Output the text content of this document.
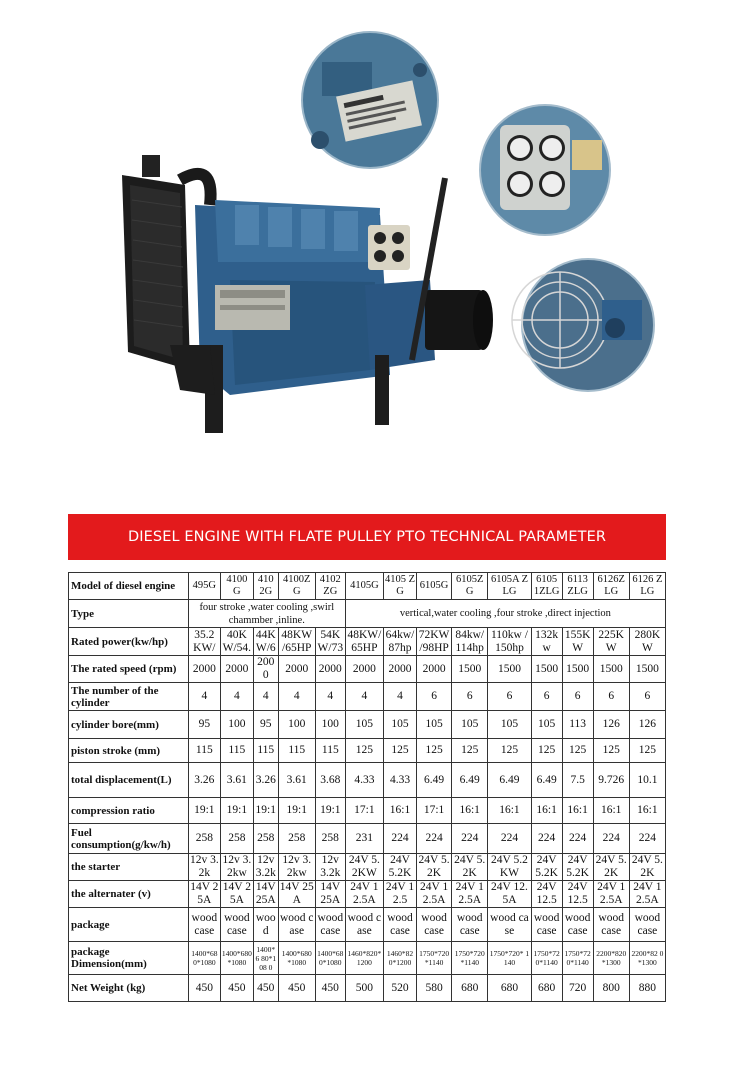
DIESEL ENGINE WITH FLATE PULLEY PTO TECHNICAL PARAMETER
Model of diesel engine	495G	4100 G	410 2G	4100Z G	4102 ZG	4105G	4105 ZG	6105G	6105Z G	6105A ZLG	6105 1ZLG	6113 ZLG	6126Z LG	6126 ZLG
Type	four stroke ,water cooling ,swirl chammber ,inline.					vertical,water cooling ,four stroke ,direct injection								
Rated power(kw/hp)	35.2 KW/	40K W/54.	44K W/6	48KW /65HP	54K W/73	48KW/ 65HP	64kw/ 87hp	72KW /98HP	84kw/ 114hp	110kw /150hp	132k w	155K W	225K W	280K W
The rated speed (rpm)	2000	2000	2000	2000	2000	2000	2000	2000	1500	1500	1500	1500	1500	1500
The number of the cylinder	4	4	4	4	4	4	4	6	6	6	6	6	6	6
cylinder bore(mm)	95	100	95	100	100	105	105	105	105	105	105	113	126	126
piston stroke (mm)	115	115	115	115	115	125	125	125	125	125	125	125	125	125
total displacement(L)	3.26	3.61	3.26	3.61	3.68	4.33	4.33	6.49	6.49	6.49	6.49	7.5	9.726	10.1
compression ratio	19:1	19:1	19:1	19:1	19:1	17:1	16:1	17:1	16:1	16:1	16:1	16:1	16:1	16:1
Fuel consumption(g/kw/h)	258	258	258	258	258	231	224	224	224	224	224	224	224	224
the starter	12v 3.2k	12v 3.2kw	12v 3.2k	12v 3.2kw	12v 3.2k	24V 5.2KW	24V 5.2K	24V 5.2K	24V 5.2K	24V 5.2KW	24V 5.2K	24V 5.2K	24V 5.2K	24V 5.2K
the alternater (v)	14V 25A	14V 25A	14V 25A	14V 25A	14V 25A	24V 12.5A	24V 12.5	24V 12.5A	24V 12.5A	24V 12.5A	24V 12.5	24V 12.5	24V 12.5A	24V 12.5A
package	wood case	wood case	woo d	wood case	wood case	wood case	wood case	wood case	wood case	wood case	wood case	wood case	wood case	wood case
package Dimension(mm)	1400*68 0*1080	1400*680 *1080	1400*6 80*108 0	1400*680 *1080	1400*68 0*1080	1460*820* 1200	1460*82 0*1200	1750*720 *1140	1750*720 *1140	1750*720* 1140	1750*72 0*1140	1750*72 0*1140	2200*820 *1300	2200*82 0*1300
Net Weight (kg)	450	450	450	450	450	500	520	580	680	680	680	720	800	880
